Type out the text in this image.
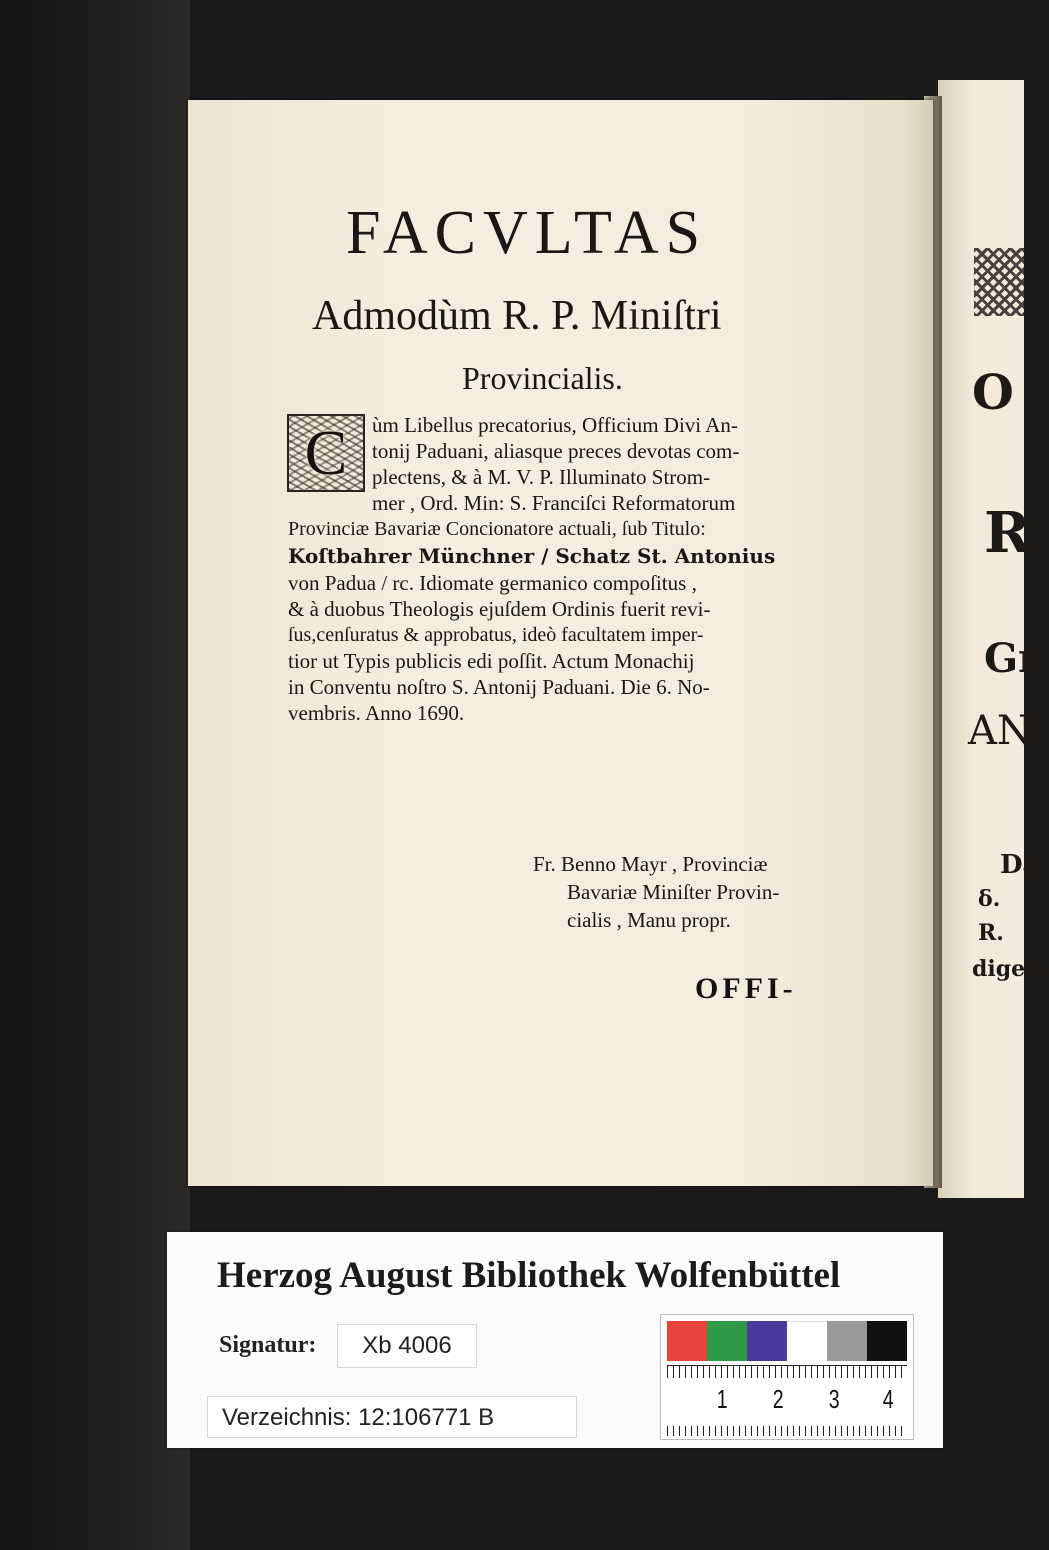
O
R
Gr
AN
Da
ẟ.
R.
digen.
FACVLTAS
Admodùm R. P. Miniſtri
Provincialis.
C	ùm Libellus precatorius, Officium Divi An-
tonij Paduani, aliasque preces devotas com-
plectens, & à M. V. P. Illuminato Strom-
mer , Ord. Min: S. Franciſci Reformatorum
Provinciæ Bavariæ Concionatore actuali, ſub Titulo:
Koſtbahrer Münchner / Schatz St. Antonius
von Padua / rc. Idiomate germanico compoſitus ,
& à duobus Theologis ejuſdem Ordinis fuerit revi-
ſus,cenſuratus & approbatus, ideò facultatem imper-
tior ut Typis publicis edi poſſit. Actum Monachij
in Conventu noſtro S. Antonij Paduani. Die 6. No-
vembris. Anno 1690.
Fr. Benno Mayr , Provinciæ
Bavariæ Miniſter Provin-
cialis , Manu propr.
OFFI-
Herzog August Bibliothek Wolfenbüttel
Signatur:	Xb 4006
1 2 3 4
Verzeichnis: 12:106771 B
